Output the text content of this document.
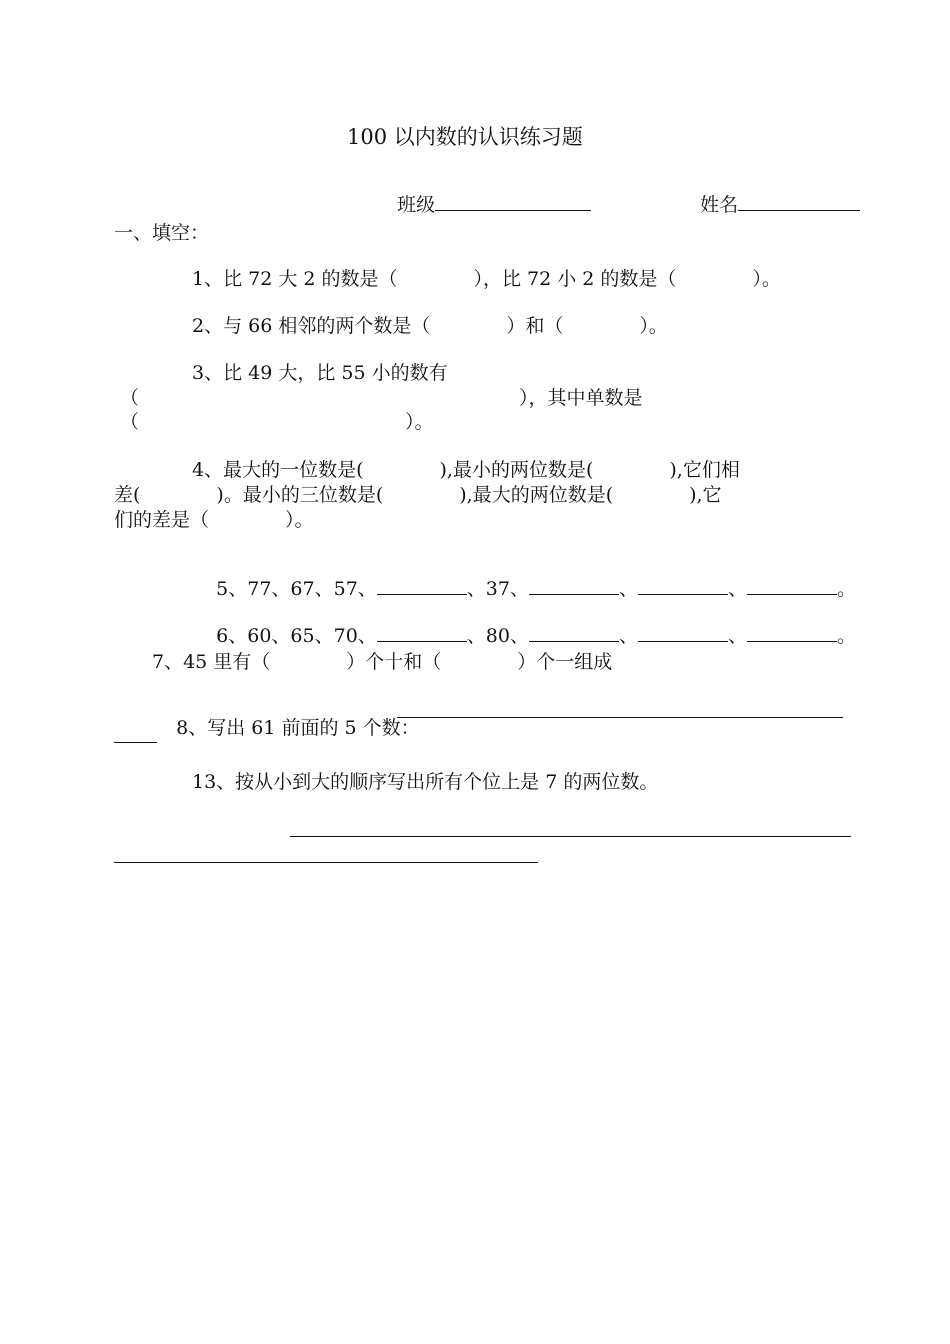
100 以内数的认识练习题

班级
	姓名

一、填空：
1、比 72 大 2 的数是（　　　　），比 72 小 2 的数是（　　　　）。
2、与 66 相邻的两个数是（　　　　）和（　　　　）。
3、比 49 大，比 55 小的数有
（　　　　　　　　　　　　　　　　　　　　），其中单数是
（　　　　　　　　　　　　　　）。
4、最大的一位数是(　　　　),最小的两位数是(　　　　),它们相
差(　　　　)。最小的三位数是(　　　　),最大的两位数是(　　　　),它
们的差是（　　　　）。

5、77、67、57、	、37、	、	、	。

6、60、65、70、	、80、	、	、	。

7、45 里有（　　　　）个十和（　　　　）个一组成

8、写出 61 前面的 5 个数：

13、按从小到大的顺序写出所有个位上是 7 的两位数。
